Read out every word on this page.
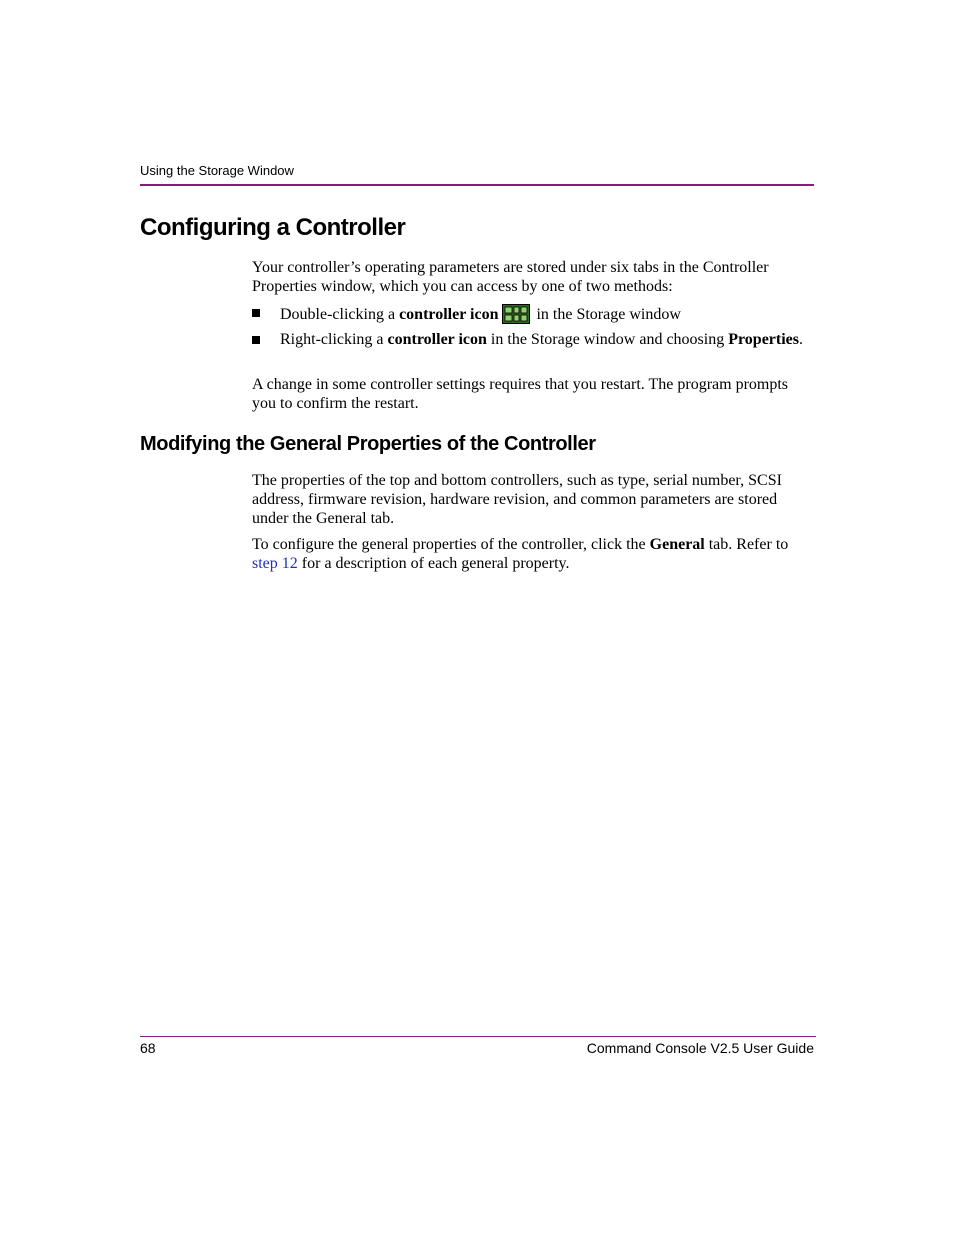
Using the Storage Window
Configuring a Controller

Your controller’s operating parameters are stored under six tabs in the Controller Properties window, which you can access by one of two methods:

Double-clicking a controller icon in the Storage window
Right-clicking a controller icon in the Storage window and choosing Properties.

A change in some controller settings requires that you restart. The program prompts you to confirm the restart.

Modifying the General Properties of the Controller

The properties of the top and bottom controllers, such as type, serial number, SCSI address, firmware revision, hardware revision, and common parameters are stored under the General tab.

To configure the general properties of the controller, click the General tab. Refer to step 12 for a description of each general property.

68	Command Console V2.5 User Guide
